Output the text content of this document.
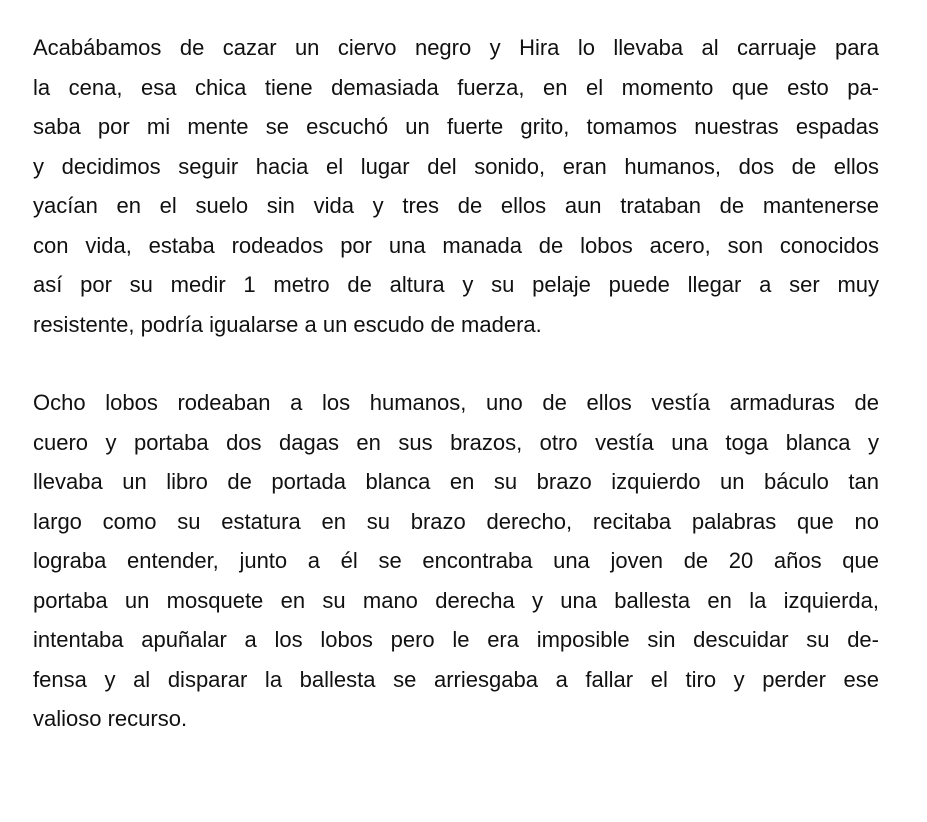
Acabábamos de cazar un ciervo negro y Hira lo llevaba al carruaje para
la cena, esa chica tiene demasiada fuerza, en el momento que esto pa-
saba por mi mente se escuchó un fuerte grito, tomamos nuestras espadas
y decidimos seguir hacia el lugar del sonido, eran humanos, dos de ellos
yacían en el suelo sin vida y tres de ellos aun trataban de mantenerse
con vida, estaba rodeados por una manada de lobos acero, son conocidos
así por su medir 1 metro de altura y su pelaje puede llegar a ser muy
resistente, podría igualarse a un escudo de madera.

Ocho lobos rodeaban a los humanos, uno de ellos vestía armaduras de
cuero y portaba dos dagas en sus brazos, otro vestía una toga blanca y
llevaba un libro de portada blanca en su brazo izquierdo un báculo tan
largo como su estatura en su brazo derecho, recitaba palabras que no
lograba entender, junto a él se encontraba una joven de 20 años que
portaba un mosquete en su mano derecha y una ballesta en la izquierda,
intentaba apuñalar a los lobos pero le era imposible sin descuidar su de-
fensa y al disparar la ballesta se arriesgaba a fallar el tiro y perder ese
valioso recurso.
